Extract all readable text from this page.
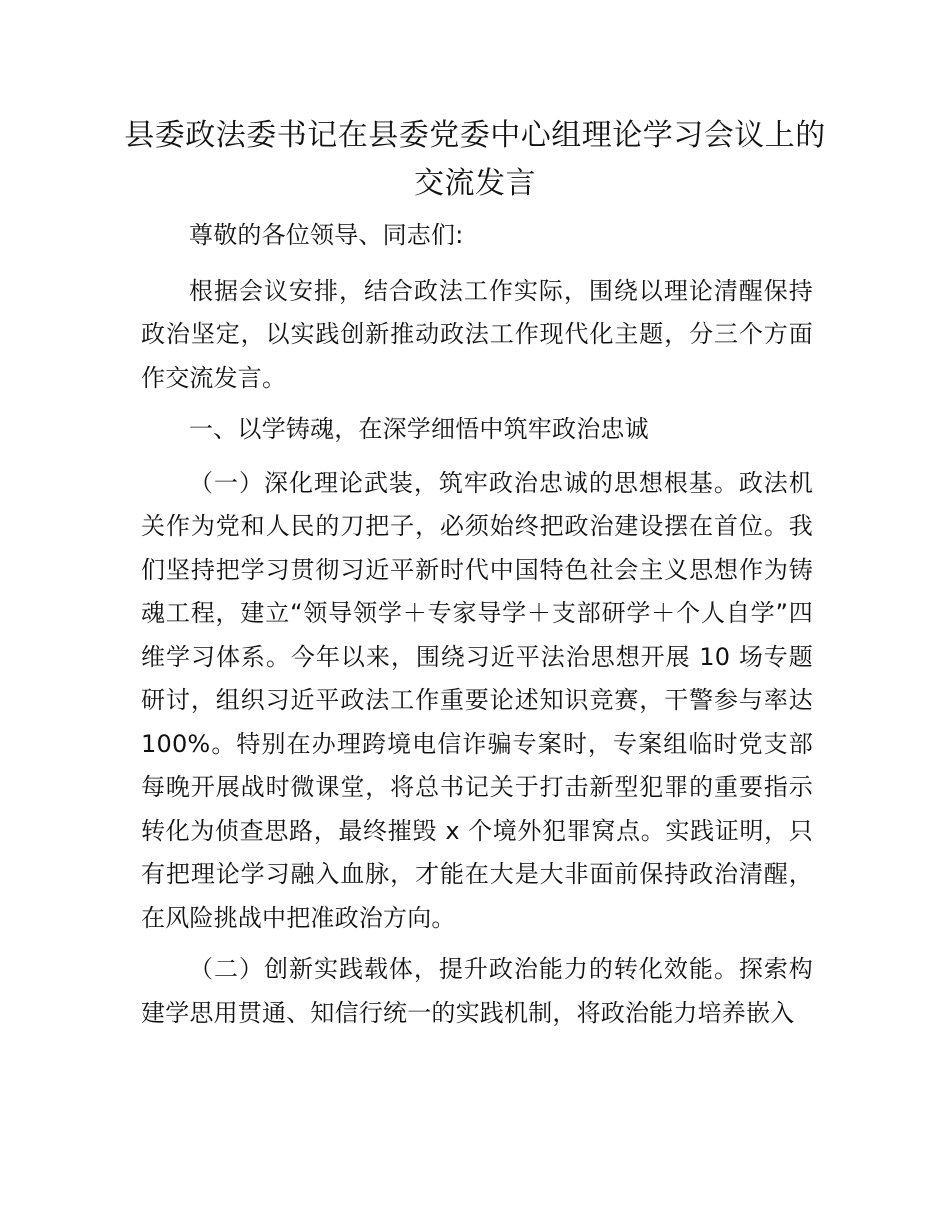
县委政法委书记在县委党委中心组理论学习会议上的交流发言

尊敬的各位领导、同志们:

根据会议安排，结合政法工作实际，围绕以理论清醒保持政治坚定，以实践创新推动政法工作现代化主题，分三个方面作交流发言。

一、以学铸魂，在深学细悟中筑牢政治忠诚

（一）深化理论武装，筑牢政治忠诚的思想根基。政法机关作为党和人民的刀把子，必须始终把政治建设摆在首位。我们坚持把学习贯彻习近平新时代中国特色社会主义思想作为铸魂工程，建立“领导领学＋专家导学＋支部研学＋个人自学”四维学习体系。今年以来，围绕习近平法治思想开展 10 场专题研讨，组织习近平政法工作重要论述知识竞赛，干警参与率达 100%。特别在办理跨境电信诈骗专案时，专案组临时党支部每晚开展战时微课堂，将总书记关于打击新型犯罪的重要指示转化为侦查思路，最终摧毁 x 个境外犯罪窝点。实践证明，只有把理论学习融入血脉，才能在大是大非面前保持政治清醒，在风险挑战中把准政治方向。

（二）创新实践载体，提升政治能力的转化效能。探索构建学思用贯通、知信行统一的实践机制，将政治能力培养嵌入
